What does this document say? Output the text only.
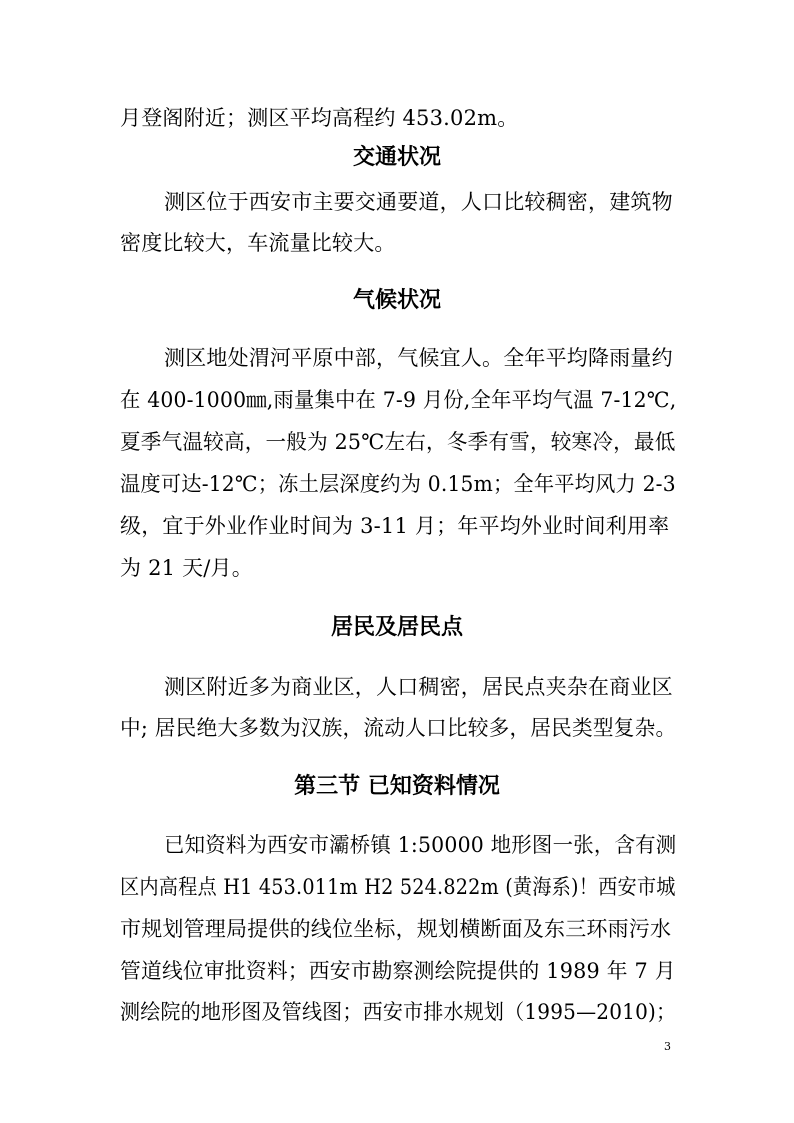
月登阁附近；测区平均高程约 453.02m。
交通状况
测区位于西安市主要交通要道，人口比较稠密，建筑物
密度比较大，车流量比较大。
气候状况
测区地处渭河平原中部，气候宜人。全年平均降雨量约
在 400-1000㎜,雨量集中在 7-9 月份,全年平均气温 7-12℃,
夏季气温较高，一般为 25℃左右，冬季有雪，较寒冷，最低
温度可达-12℃；冻土层深度约为 0.15m；全年平均风力 2-3
级，宜于外业作业时间为 3-11 月；年平均外业时间利用率
为 21 天/月。
居民及居民点
测区附近多为商业区，人口稠密，居民点夹杂在商业区
中; 居民绝大多数为汉族，流动人口比较多，居民类型复杂。
第三节 已知资料情况
已知资料为西安市灞桥镇 1:50000 地形图一张，含有测
区内高程点 H1 453.011m H2 524.822m (黄海系)！西安市城
市规划管理局提供的线位坐标，规划横断面及东三环雨污水
管道线位审批资料；西安市勘察测绘院提供的 1989 年 7 月
测绘院的地形图及管线图；西安市排水规划（1995—2010)；
3
